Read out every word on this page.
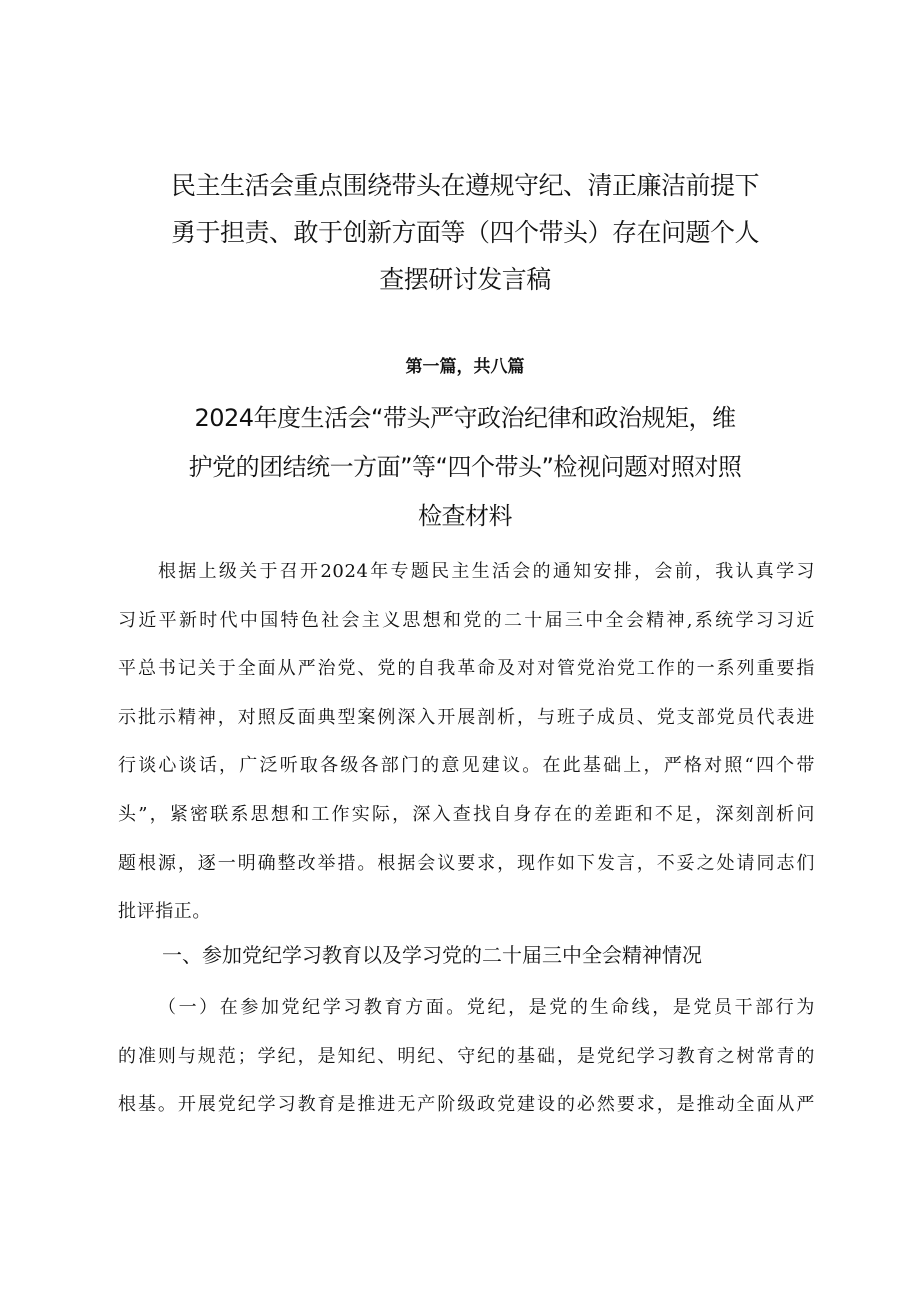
民主生活会重点围绕带头在遵规守纪、清正廉洁前提下
勇于担责、敢于创新方面等（四个带头）存在问题个人
查摆研讨发言稿
第一篇，共八篇
2024年度生活会“带头严守政治纪律和政治规矩，维
护党的团结统一方面”等“四个带头”检视问题对照对照
检查材料
根据上级关于召开2024年专题民主生活会的通知安排，会前，我认真学习
习近平新时代中国特色社会主义思想和党的二十届三中全会精神,系统学习习近
平总书记关于全面从严治党、党的自我革命及对对管党治党工作的一系列重要指
示批示精神，对照反面典型案例深入开展剖析，与班子成员、党支部党员代表进
行谈心谈话，广泛听取各级各部门的意见建议。在此基础上，严格对照“四个带
头”，紧密联系思想和工作实际，深入查找自身存在的差距和不足，深刻剖析问
题根源，逐一明确整改举措。根据会议要求，现作如下发言，不妥之处请同志们
批评指正。
一、参加党纪学习教育以及学习党的二十届三中全会精神情况
（一）在参加党纪学习教育方面。党纪，是党的生命线，是党员干部行为
的准则与规范；学纪，是知纪、明纪、守纪的基础，是党纪学习教育之树常青的
根基。开展党纪学习教育是推进无产阶级政党建设的必然要求，是推动全面从严
